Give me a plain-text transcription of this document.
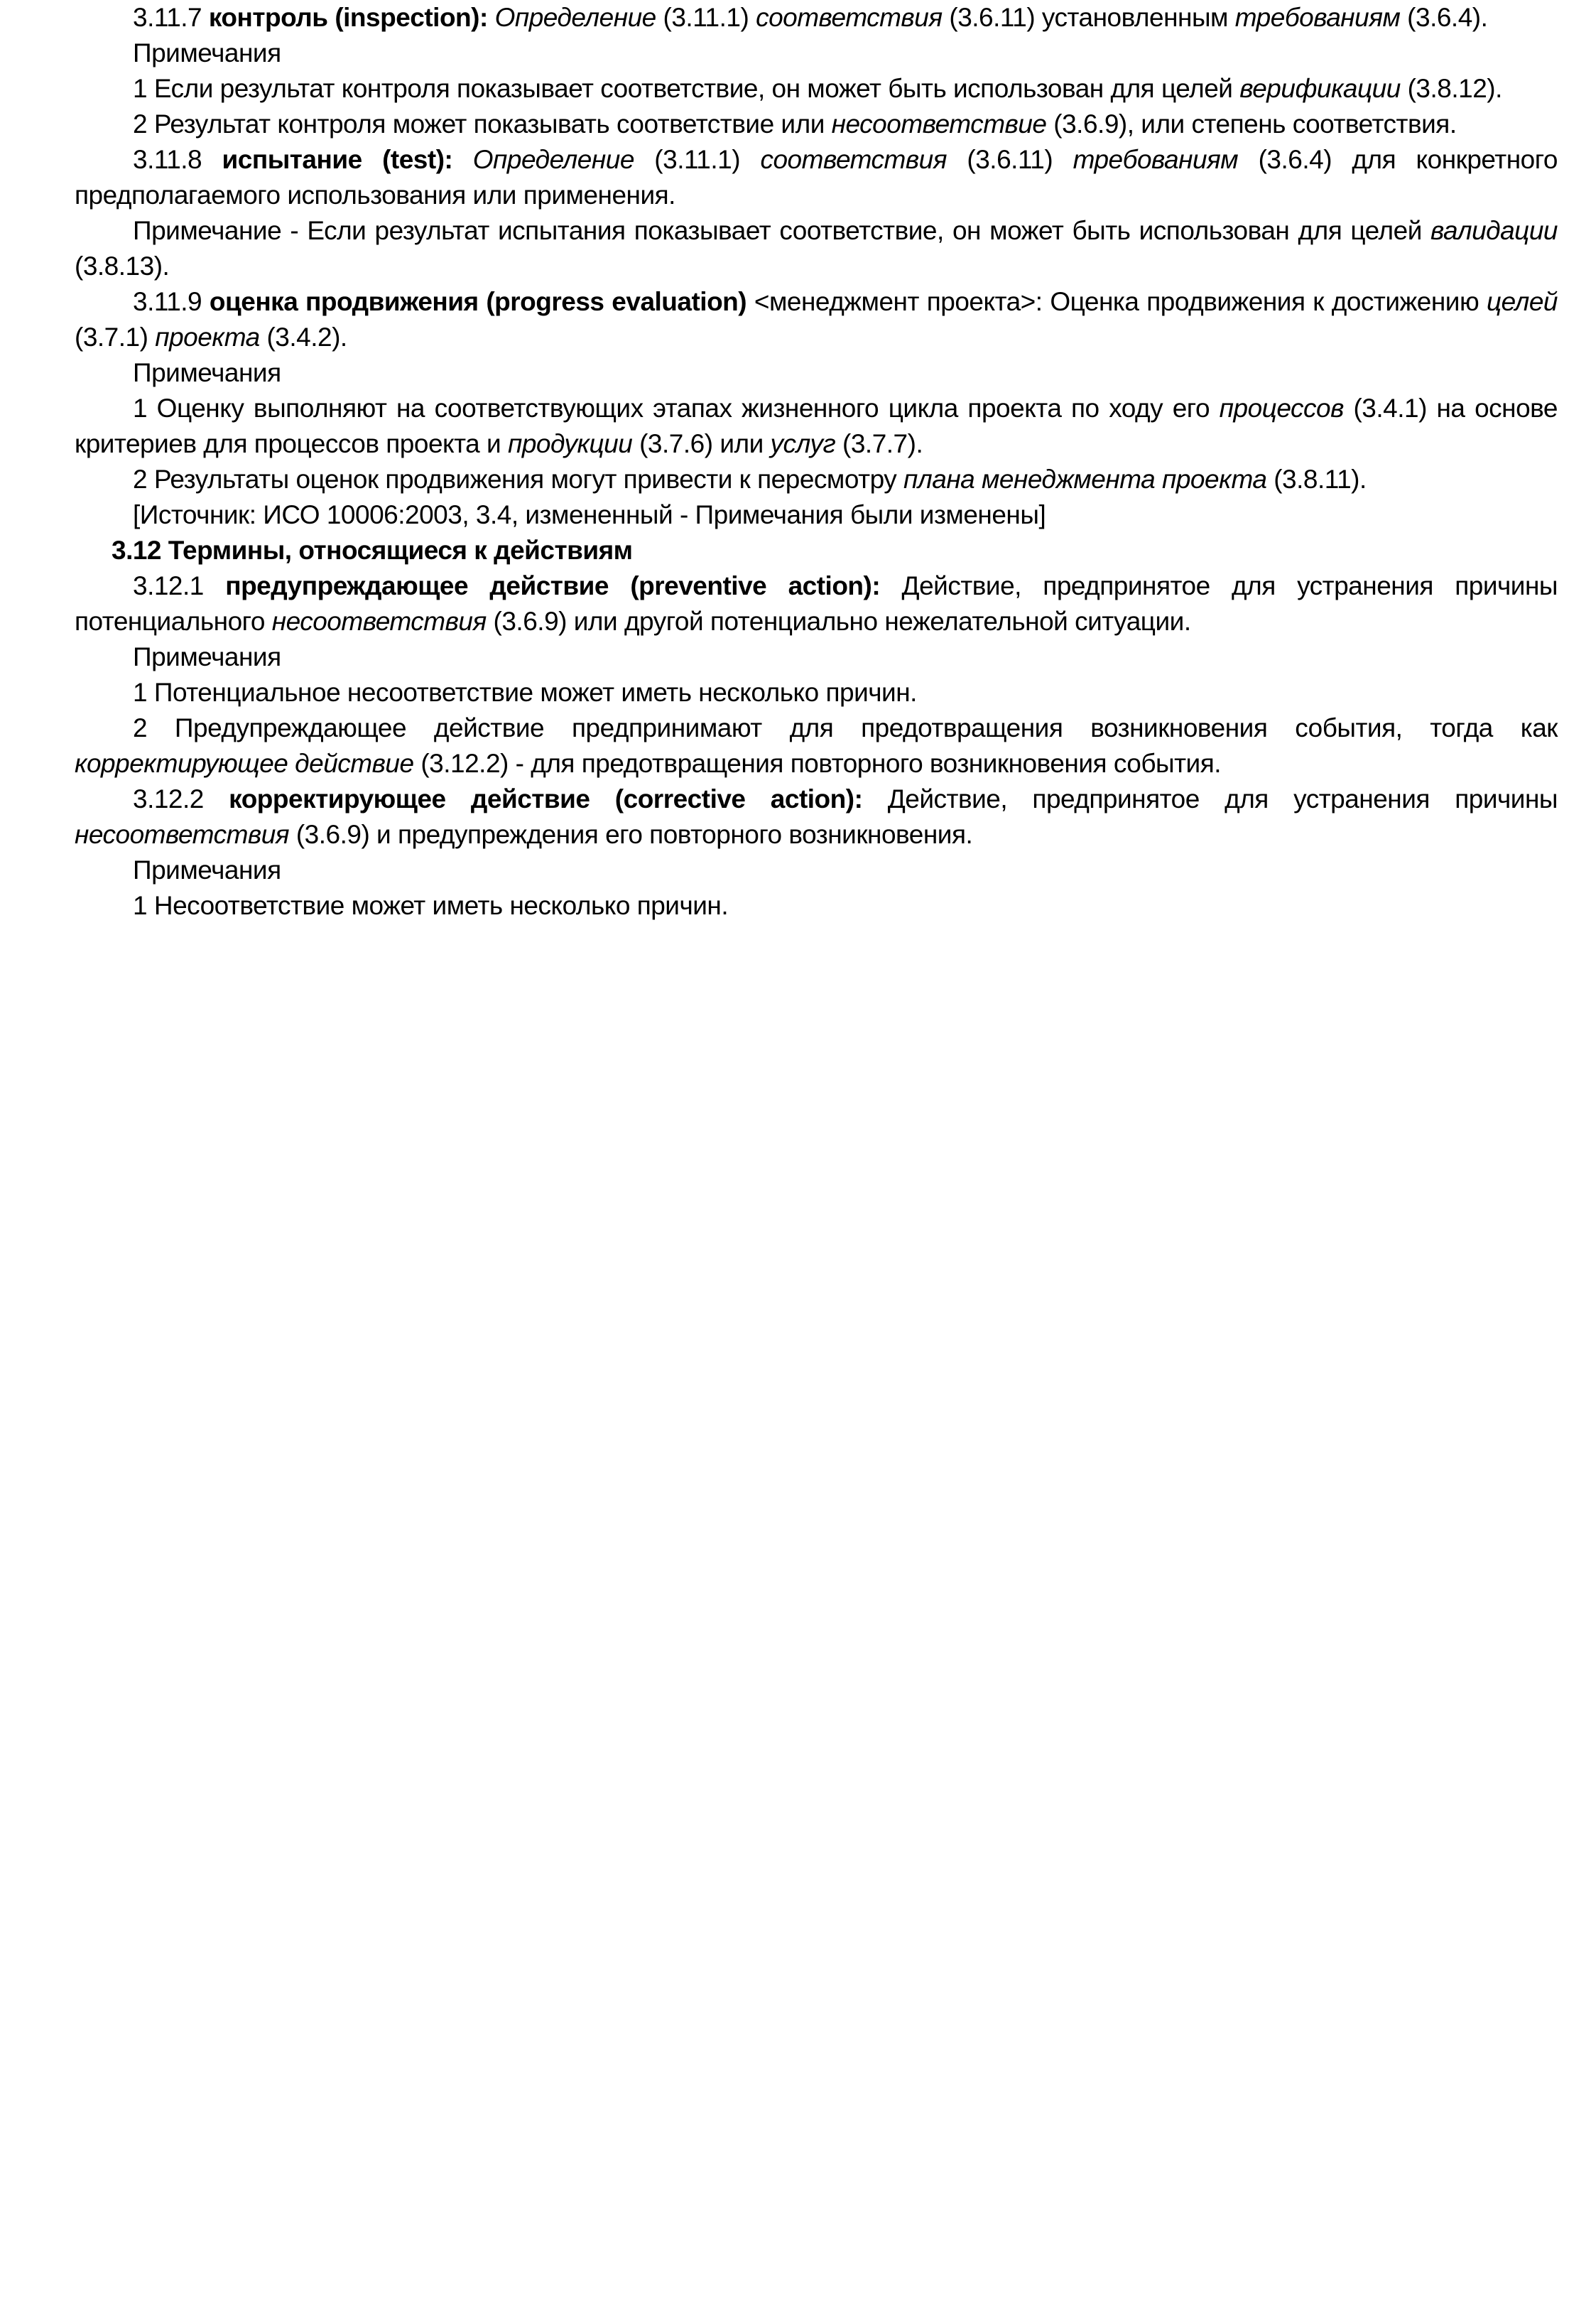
3.11.7 контроль (inspection): Определение (3.11.1) соответствия (3.6.11) установленным требованиям (3.6.4).

Примечания

1 Если результат контроля показывает соответствие, он может быть использован для целей верификации (3.8.12).

2 Результат контроля может показывать соответствие или несоответствие (3.6.9), или степень соответствия.

3.11.8 испытание (test): Определение (3.11.1) соответствия (3.6.11) требованиям (3.6.4) для конкретного предполагаемого использования или применения.

Примечание - Если результат испытания показывает соответствие, он может быть использован для целей валидации (3.8.13).

3.11.9 оценка продвижения (progress evaluation) <менеджмент проекта>: Оценка продвижения к достижению целей (3.7.1) проекта (3.4.2).

Примечания

1 Оценку выполняют на соответствующих этапах жизненного цикла проекта по ходу его процессов (3.4.1) на основе критериев для процессов проекта и продукции (3.7.6) или услуг (3.7.7).

2 Результаты оценок продвижения могут привести к пересмотру плана менеджмента проекта (3.8.11).

[Источник: ИСО 10006:2003, 3.4, измененный - Примечания были изменены]

3.12 Термины, относящиеся к действиям

3.12.1 предупреждающее действие (preventive action): Действие, предпринятое для устранения причины потенциального несоответствия (3.6.9) или другой потенциально нежелательной ситуации.

Примечания

1 Потенциальное несоответствие может иметь несколько причин.

2 Предупреждающее действие предпринимают для предотвращения возникновения события, тогда как корректирующее действие (3.12.2) - для предотвращения повторного возникновения события.

3.12.2 корректирующее действие (corrective action): Действие, предпринятое для устранения причины несоответствия (3.6.9) и предупреждения его повторного возникновения.

Примечания

1 Несоответствие может иметь несколько причин.
